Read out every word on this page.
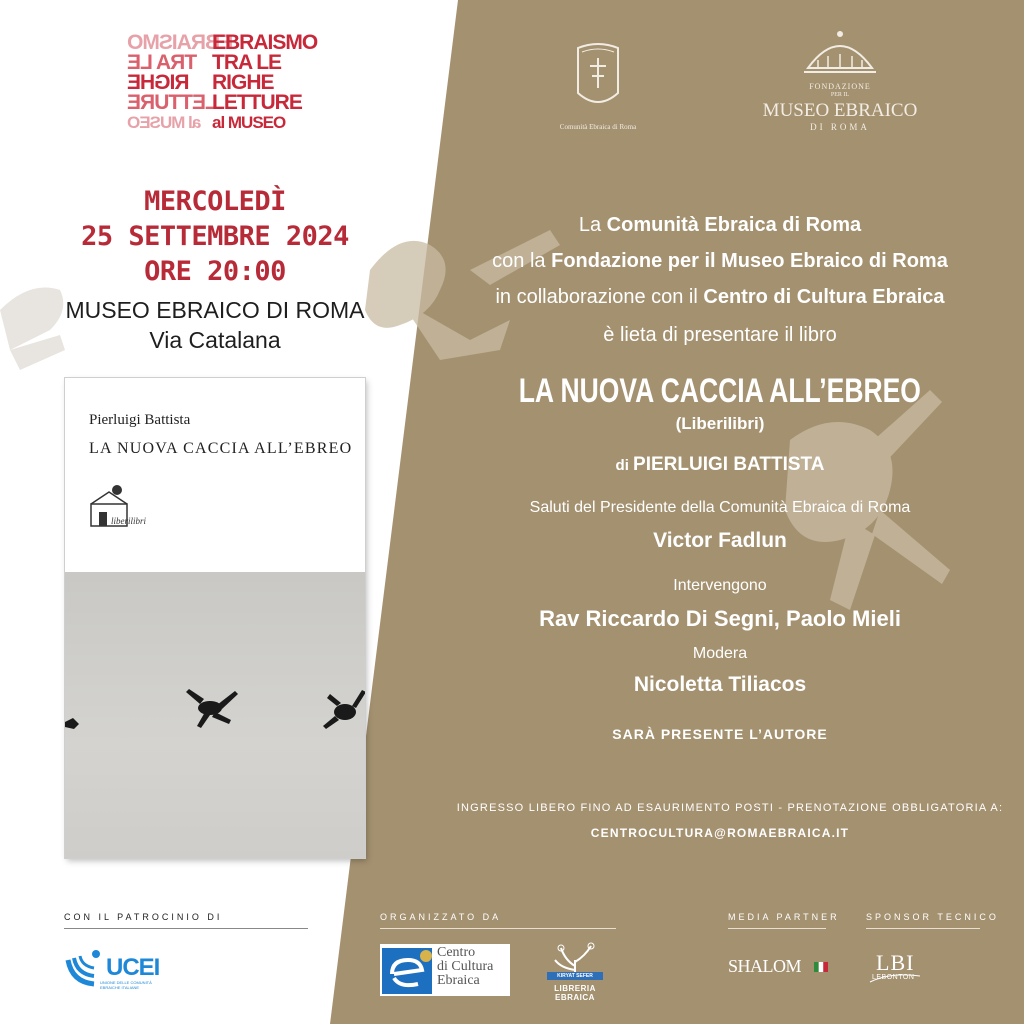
EBRAISMO
TRA LE
RIGHE
LETTURE
al MUSEO
EBRAISMO
TRA LE
RIGHE
LETTURE
al MUSEO
MERCOLEDÌ
25 SETTEMBRE 2024
ORE 20:00
MUSEO EBRAICO DI ROMA
Via Catalana
Pierluigi Battista
LA NUOVA CACCIA ALL’EBREO
liberilibri
Comunità Ebraica di Roma
FONDAZIONE
PER IL
MUSEO EBRAICO
DI ROMA
La Comunità Ebraica di Roma
con la Fondazione per il Museo Ebraico di Roma
in collaborazione con il Centro di Cultura Ebraica
è lieta di presentare il libro
LA NUOVA CACCIA ALL’EBREO
(Liberilibri)
di PIERLUIGI BATTISTA
Saluti del Presidente della Comunità Ebraica di Roma
Victor Fadlun
Intervengono
Rav Riccardo Di Segni, Paolo Mieli
Modera
Nicoletta Tiliacos
SARÀ PRESENTE L’AUTORE
INGRESSO LIBERO FINO AD ESAURIMENTO POSTI - PRENOTAZIONE OBBLIGATORIA A:
CENTROCULTURA@ROMAEBRAICA.IT
CON IL PATROCINIO DI
UCEI
UNIONE DELLE COMUNITÀ EBRAICHE ITALIANE
ORGANIZZATO DA
Centro
di Cultura
Ebraica	KIRYAT SEFER
LIBRERIA EBRAICA
MEDIA PARTNER
SHALOM
SPONSOR TECNICO
LBI
LEBONTON
